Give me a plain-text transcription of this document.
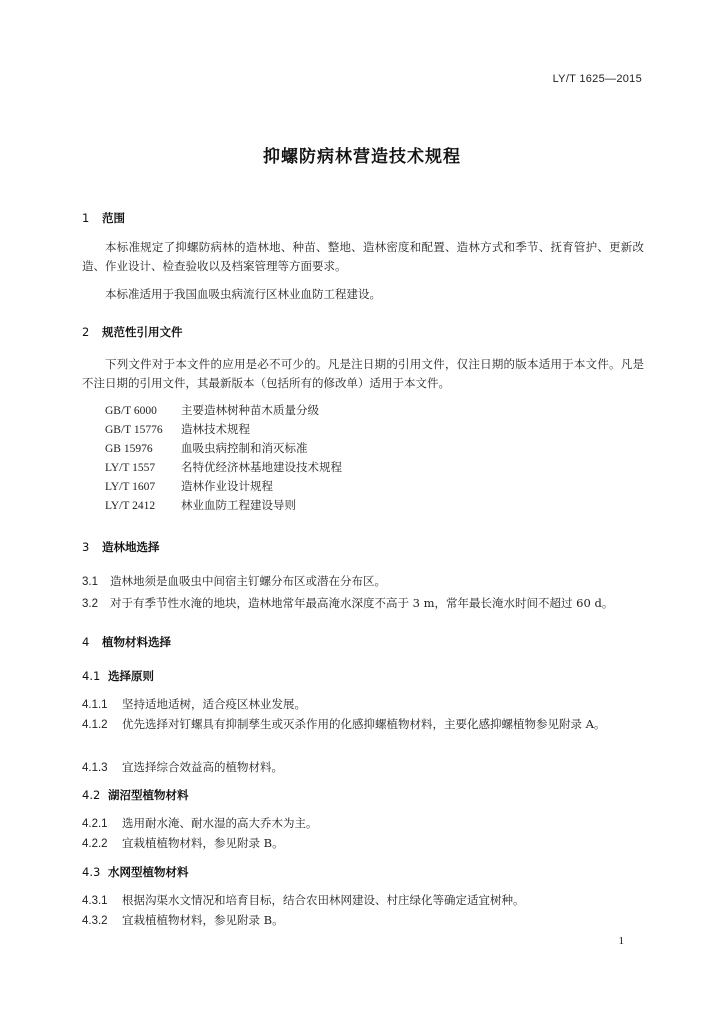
LY/T 1625—2015
抑螺防病林营造技术规程
1 范围
本标准规定了抑螺防病林的造林地、种苗、整地、造林密度和配置、造林方式和季节、抚育管护、更新改造、作业设计、检查验收以及档案管理等方面要求。
本标准适用于我国血吸虫病流行区林业血防工程建设。
2 规范性引用文件
下列文件对于本文件的应用是必不可少的。凡是注日期的引用文件，仅注日期的版本适用于本文件。凡是不注日期的引用文件，其最新版本（包括所有的修改单）适用于本文件。
GB/T 6000 主要造林树种苗木质量分级
GB/T 15776 造林技术规程
GB 15976 血吸虫病控制和消灭标准
LY/T 1557 名特优经济林基地建设技术规程
LY/T 1607 造林作业设计规程
LY/T 2412 林业血防工程建设导则
3 造林地选择
3.1 造林地须是血吸虫中间宿主钉螺分布区或潜在分布区。
3.2 对于有季节性水淹的地块，造林地常年最高淹水深度不高于 3 m，常年最长淹水时间不超过 60 d。
4 植物材料选择
4.1 选择原则
4.1.1 坚持适地适树，适合疫区林业发展。
4.1.2 优先选择对钉螺具有抑制孳生或灭杀作用的化感抑螺植物材料，主要化感抑螺植物参见附录 A。
4.1.3 宜选择综合效益高的植物材料。
4.2 湖沼型植物材料
4.2.1 选用耐水淹、耐水湿的高大乔木为主。
4.2.2 宜栽植植物材料，参见附录 B。
4.3 水网型植物材料
4.3.1 根据沟渠水文情况和培育目标，结合农田林网建设、村庄绿化等确定适宜树种。
4.3.2 宜栽植植物材料，参见附录 B。
1
